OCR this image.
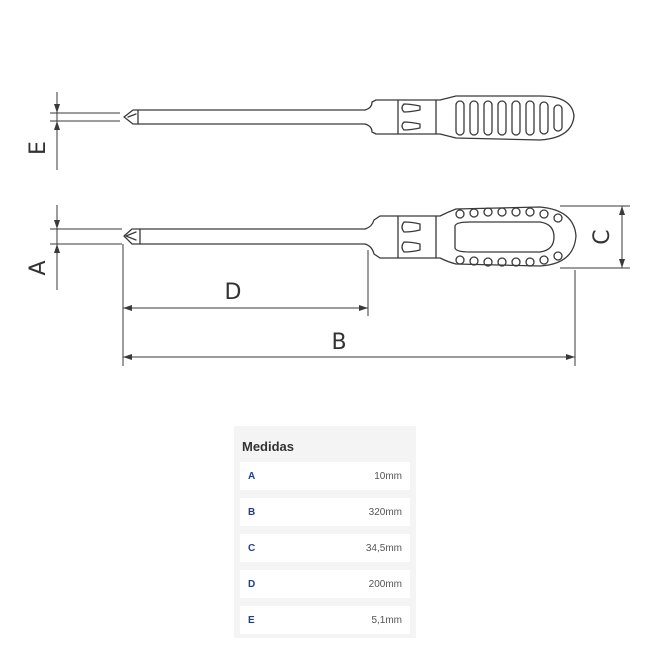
E
A
C
D
B
Medidas
A	10mm
B	320mm
C	34,5mm
D	200mm
E	5,1mm
